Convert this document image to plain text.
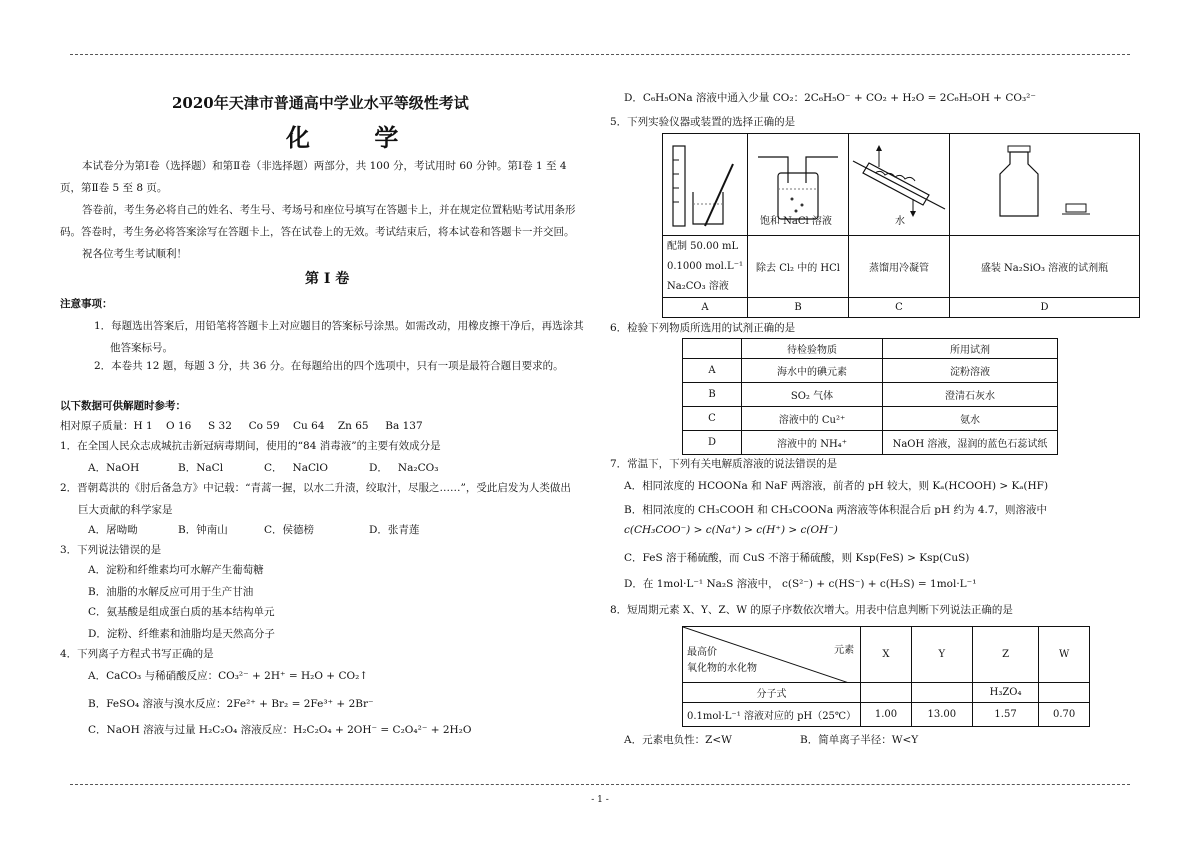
2020年天津市普通高中学业水平等级性考试
化 学
本试卷分为第Ⅰ卷（选择题）和第Ⅱ卷（非选择题）两部分，共 100 分，考试用时 60 分钟。第Ⅰ卷 1 至 4
页，第Ⅱ卷 5 至 8 页。
答卷前，考生务必将自己的姓名、考生号、考场号和座位号填写在答题卡上，并在规定位置粘贴考试用条形
码。答卷时，考生务必将答案涂写在答题卡上，答在试卷上的无效。考试结束后，将本试卷和答题卡一并交回。
祝各位考生考试顺利！
第 I 卷
注意事项：
1．每题选出答案后，用铅笔将答题卡上对应题目的答案标号涂黑。如需改动，用橡皮擦干净后，再选涂其
他答案标号。
2．本卷共 12 题，每题 3 分，共 36 分。在每题给出的四个选项中，只有一项是最符合题目要求的。
以下数据可供解题时参考：
相对原子质量：H 1    O 16     S 32     Co 59    Cu 64    Zn 65     Ba 137
1．在全国人民众志成城抗击新冠病毒期间，使用的“84 消毒液”的主要有效成分是
A．NaOH	B．NaCl	C．   NaClO	D．   Na₂CO₃
2．晋朝葛洪的《肘后备急方》中记载：“青蒿一握，以水二升渍，绞取汁，尽服之……”，受此启发为人类做出
巨大贡献的科学家是
A．屠呦呦	B．钟南山	C．侯德榜	D．张青莲
3．下列说法错误的是
A．淀粉和纤维素均可水解产生葡萄糖
B．油脂的水解反应可用于生产甘油
C．氨基酸是组成蛋白质的基本结构单元
D．淀粉、纤维素和油脂均是天然高分子
4．下列离子方程式书写正确的是
A．CaCO₃ 与稀硝酸反应：CO₃²⁻ + 2H⁺ = H₂O + CO₂↑
B．FeSO₄ 溶液与溴水反应：2Fe²⁺ + Br₂ = 2Fe³⁺ + 2Br⁻
C．NaOH 溶液与过量 H₂C₂O₄ 溶液反应：H₂C₂O₄ + 2OH⁻ = C₂O₄²⁻ + 2H₂O
D．C₆H₅ONa 溶液中通入少量 CO₂：2C₆H₅O⁻ + CO₂ + H₂O = 2C₆H₅OH + CO₃²⁻
5．下列实验仪器或装置的选择正确的是

饱和 NaCl 溶液	水

配制 50.00 mL
0.1000 mol.L⁻¹
Na₂CO₃ 溶液	除去 Cl₂ 中的 HCl	蒸馏用冷凝管	盛装 Na₂SiO₃ 溶液的试剂瓶
A	B	C	D
6．检验下列物质所选用的试剂正确的是
	待检验物质	所用试剂
A	海水中的碘元素	淀粉溶液
B	SO₂ 气体	澄清石灰水
C	溶液中的 Cu²⁺	氨水
D	溶液中的 NH₄⁺	NaOH 溶液，湿润的蓝色石蕊试纸
7．常温下，下列有关电解质溶液的说法错误的是
A．相同浓度的 HCOONa 和 NaF 两溶液，前者的 pH 较大，则 Kₐ(HCOOH) > Kₐ(HF)
B．相同浓度的 CH₃COOH 和 CH₃COONa 两溶液等体积混合后 pH 约为 4.7，则溶液中
c(CH₃COO⁻) > c(Na⁺) > c(H⁺) > c(OH⁻)
C．FeS 溶于稀硫酸，而 CuS 不溶于稀硫酸，则 Ksp(FeS) > Ksp(CuS)
D．在 1mol·L⁻¹ Na₂S 溶液中， c(S²⁻) + c(HS⁻) + c(H₂S) = 1mol·L⁻¹
8．短周期元素 X、Y、Z、W 的原子序数依次增大。用表中信息判断下列说法正确的是
元素
最高价
氧化物的水化物	X	Y	Z	W
分子式			H₃ZO₄	
0.1mol·L⁻¹ 溶液对应的 pH（25℃）	1.00	13.00	1.57	0.70
A．元素电负性：Z<W	B．简单离子半径：W<Y
- 1 -
